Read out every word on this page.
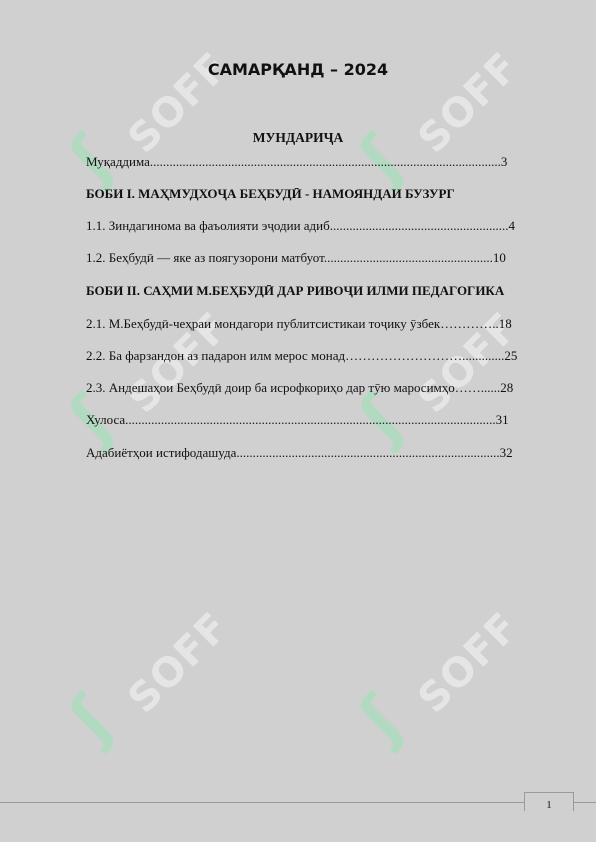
ʃ
SOFF ʃ
SOFF
ʃ
SOFF ʃ
SOFF
ʃ
SOFF ʃ
SOFF
САМАРҚАНД – 2024
МУНДАРИҶА
Муқаддима............................................................................................................3
БОБИ I. МАҲМУДХОҶА БЕҲБУДӢ - НАМОЯНДАИ БУЗУРГ
1.1. Зиндагинома ва фаъолияти эҷодии адиб.......................................................4
1.2. Беҳбудӣ — яке аз поягузорони матбуот....................................................10
БОБИ II. САҲМИ М.БЕҲБУДӢ ДАР РИВОҶИ ИЛМИ ПЕДАГОГИКА
2.1. М.Беҳбудӣ-чеҳраи мондагори публитсистикаи тоҷику ӯзбек…………..18
2.2. Ба фарзандон аз падарон илм мерос монад……………………….............25
2.3. Андешаҳои Беҳбудӣ доир ба исрофкориҳо дар тӯю маросимҳо……......28
Хулоса..................................................................................................................31
Адабиётҳои истифодашуда.................................................................................32
1
